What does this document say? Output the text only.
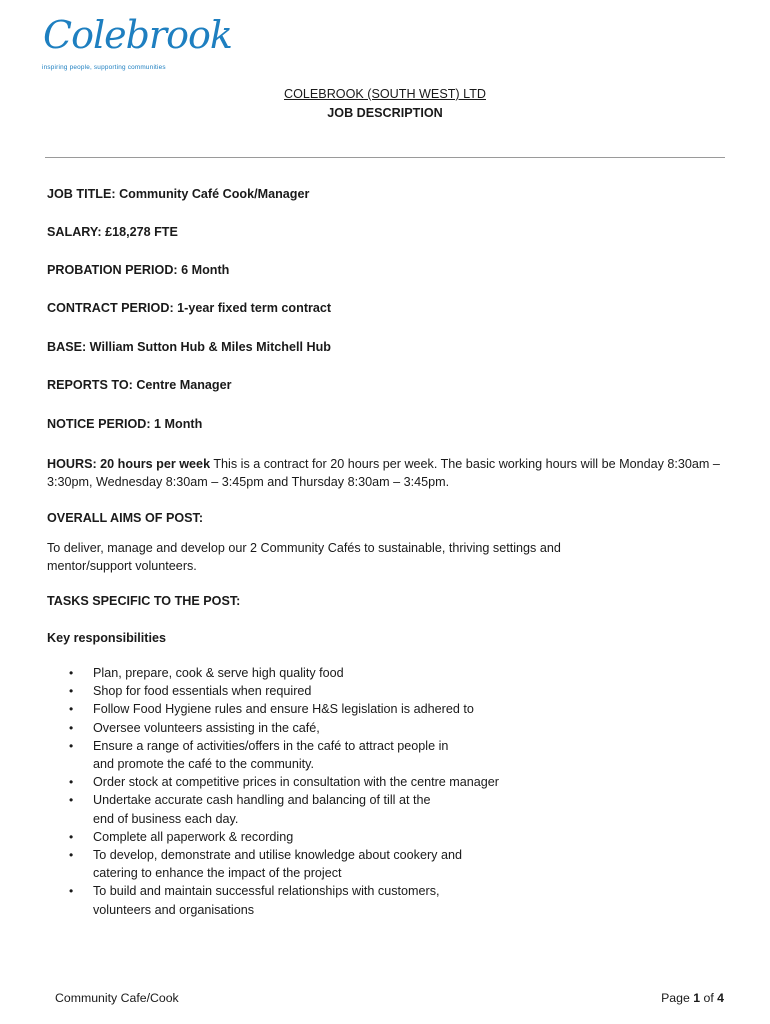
Colebrook
inspiring people, supporting communities
COLEBROOK (SOUTH WEST) LTD
JOB DESCRIPTION
JOB TITLE: Community Café Cook/Manager
SALARY: £18,278 FTE
PROBATION PERIOD: 6 Month
CONTRACT PERIOD: 1-year fixed term contract
BASE: William Sutton Hub & Miles Mitchell Hub
REPORTS TO: Centre Manager
NOTICE PERIOD: 1 Month
HOURS: 20 hours per week This is a contract for 20 hours per week. The basic working hours will be Monday 8:30am – 3:30pm, Wednesday 8:30am – 3:45pm and Thursday 8:30am – 3:45pm.
OVERALL AIMS OF POST:
To deliver, manage and develop our 2 Community Cafés to sustainable, thriving settings and mentor/support volunteers.
TASKS SPECIFIC TO THE POST:
Key responsibilities
• Plan, prepare, cook & serve high quality food
• Shop for food essentials when required
• Follow Food Hygiene rules and ensure H&S legislation is adhered to
• Oversee volunteers assisting in the café,
• Ensure a range of activities/offers in the café to attract people in
and promote the café to the community.
• Order stock at competitive prices in consultation with the centre manager
• Undertake accurate cash handling and balancing of till at the
end of business each day.
• Complete all paperwork & recording
• To develop, demonstrate and utilise knowledge about cookery and
catering to enhance the impact of the project
• To build and maintain successful relationships with customers,
volunteers and organisations
Community Cafe/Cook	Page 1 of 4
